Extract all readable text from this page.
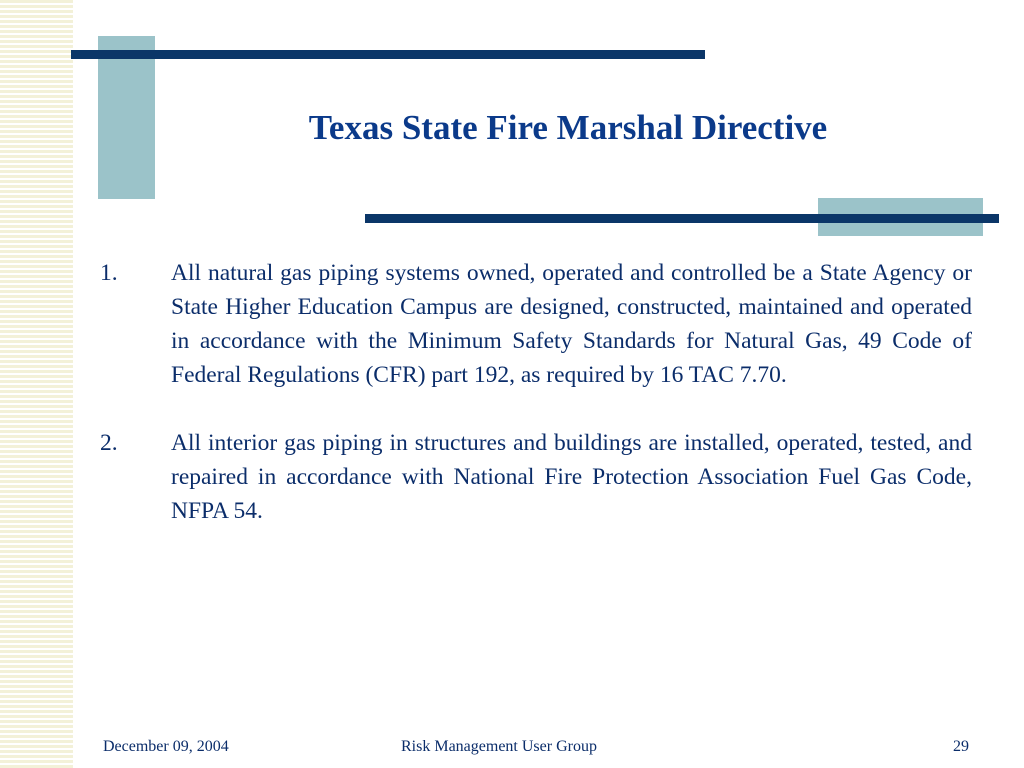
Texas State Fire Marshal Directive
1.	All natural gas piping systems owned, operated and controlled be a State Agency or State Higher Education Campus are designed, constructed, maintained and operated in accordance with the Minimum Safety Standards for Natural Gas, 49 Code of Federal Regulations (CFR) part 192, as required by 16 TAC 7.70.

2.	All interior gas piping in structures and buildings are installed, operated, tested, and repaired in accordance with National Fire Protection Association Fuel Gas Code, NFPA 54.

December 09, 2004	Risk Management User Group	29
